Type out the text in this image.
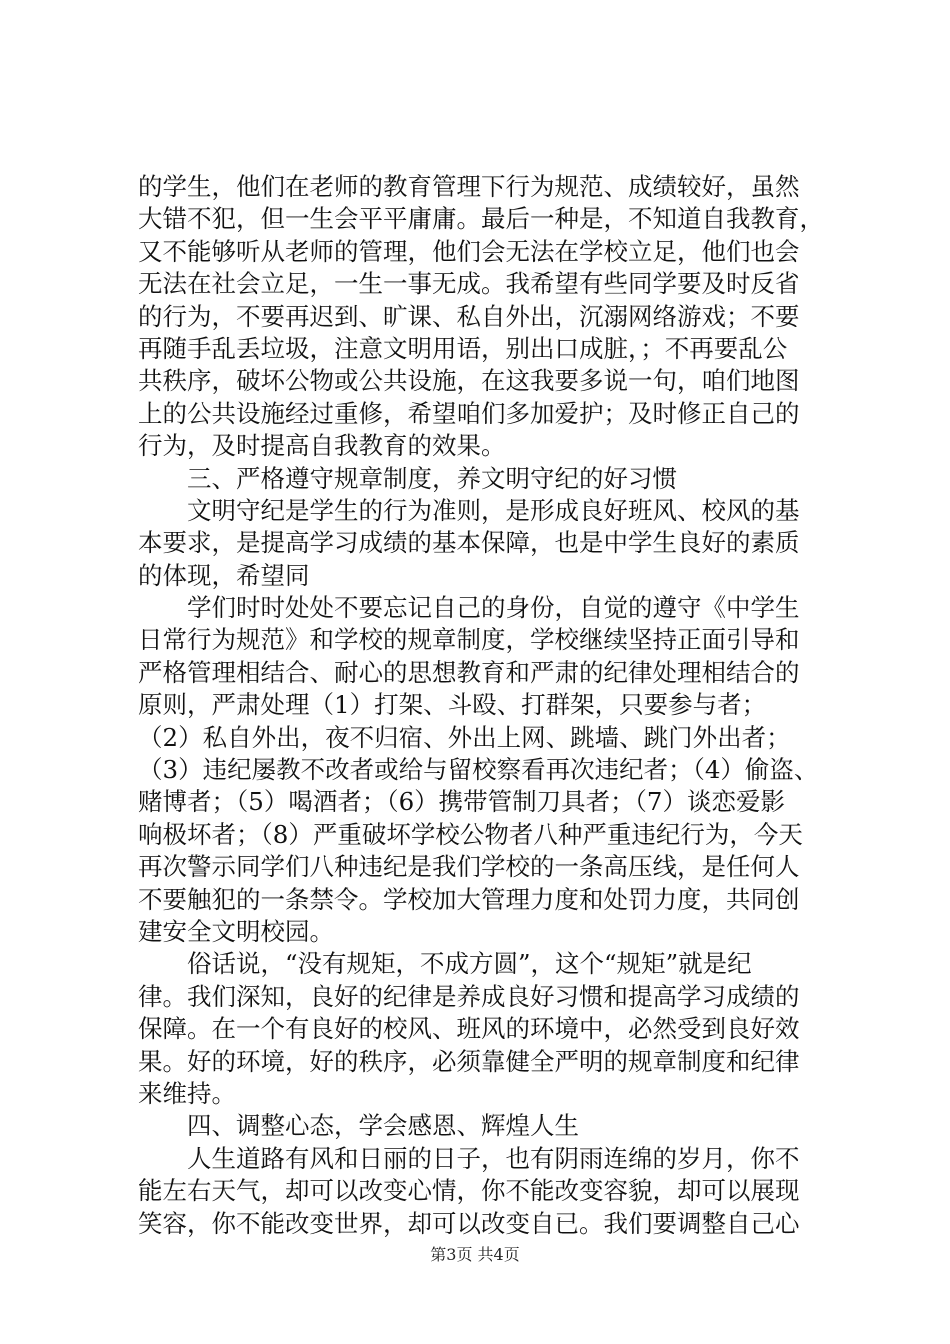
的学生，他们在老师的教育管理下行为规范、成绩较好，虽然
大错不犯，但一生会平平庸庸。最后一种是，不知道自我教育，
又不能够听从老师的管理，他们会无法在学校立足，他们也会
无法在社会立足，一生一事无成。我希望有些同学要及时反省
的行为，不要再迟到、旷课、私自外出，沉溺网络游戏；不要
再随手乱丢垃圾，注意文明用语，别出口成脏，；不再要乱公
共秩序，破坏公物或公共设施，在这我要多说一句，咱们地图
上的公共设施经过重修，希望咱们多加爱护；及时修正自己的
行为，及时提高自我教育的效果。
三、严格遵守规章制度，养文明守纪的好习惯
文明守纪是学生的行为准则，是形成良好班风、校风的基
本要求，是提高学习成绩的基本保障，也是中学生良好的素质
的体现，希望同
学们时时处处不要忘记自己的身份，自觉的遵守《中学生
日常行为规范》和学校的规章制度，学校继续坚持正面引导和
严格管理相结合、耐心的思想教育和严肃的纪律处理相结合的
原则，严肃处理（1）打架、斗殴、打群架，只要参与者；
（2）私自外出，夜不归宿、外出上网、跳墙、跳门外出者；
（3）违纪屡教不改者或给与留校察看再次违纪者；（4）偷盗、
赌博者；（5）喝酒者；（6）携带管制刀具者；（7）谈恋爱影
响极坏者；（8）严重破坏学校公物者八种严重违纪行为，今天
再次警示同学们八种违纪是我们学校的一条高压线，是任何人
不要触犯的一条禁令。学校加大管理力度和处罚力度，共同创
建安全文明校园。
俗话说，“没有规矩，不成方圆”，这个“规矩”就是纪
律。我们深知，良好的纪律是养成良好习惯和提高学习成绩的
保障。在一个有良好的校风、班风的环境中，必然受到良好效
果。好的环境，好的秩序，必须靠健全严明的规章制度和纪律
来维持。
四、调整心态，学会感恩、辉煌人生
人生道路有风和日丽的日子，也有阴雨连绵的岁月，你不
能左右天气，却可以改变心情，你不能改变容貌，却可以展现
笑容，你不能改变世界，却可以改变自已。我们要调整自己心
第3页 共4页
